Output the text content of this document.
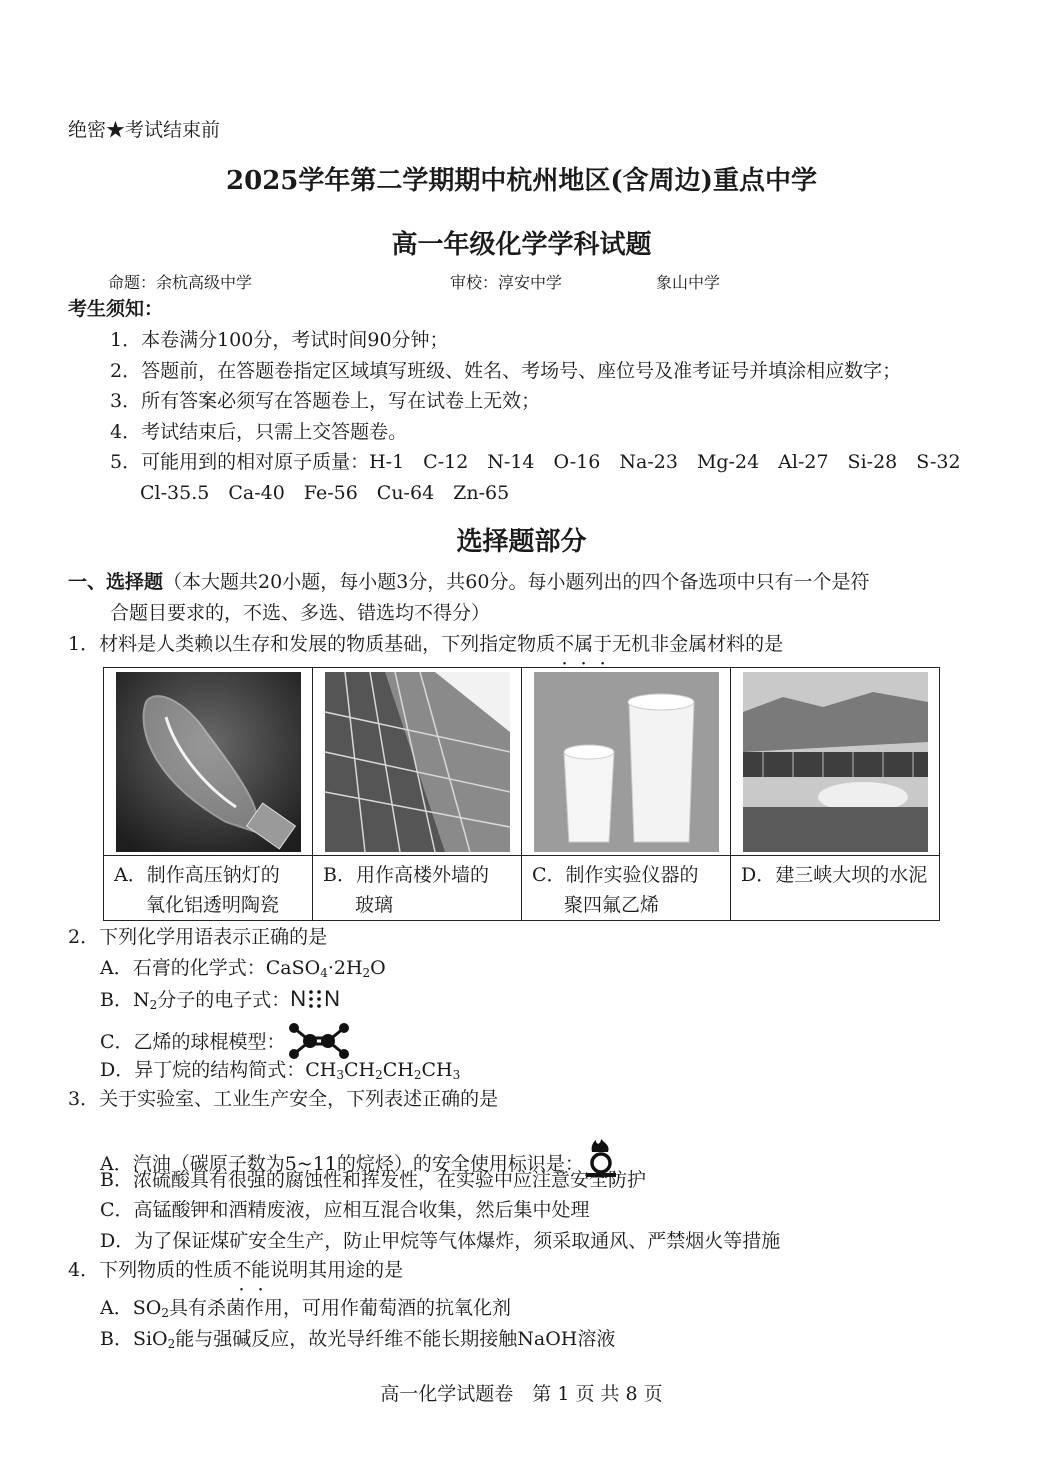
绝密★考试结束前
2025学年第二学期期中杭州地区(含周边)重点中学
高一年级化学学科试题
命题：余杭高级中学	审校：淳安中学	象山中学
考生须知：
1．本卷满分100分，考试时间90分钟；
2．答题前，在答题卷指定区域填写班级、姓名、考场号、座位号及准考证号并填涂相应数字；
3．所有答案必须写在答题卷上，写在试卷上无效；
4．考试结束后，只需上交答题卷。
5．可能用到的相对原子质量：H-1　C-12　N-14　O-16　Na-23　Mg-24　Al-27　Si-28　S-32
Cl-35.5　Ca-40　Fe-56　Cu-64　Zn-65
选择题部分
一、选择题（本大题共20小题，每小题3分，共60分。每小题列出的四个备选项中只有一个是符
合题目要求的，不选、多选、错选均不得分）
1．材料是人类赖以生存和发展的物质基础，下列指定物质不属于无机非金属材料的是

A．制作高压钠灯的
氧化铝透明陶瓷	B．用作高楼外墙的
玻璃	C．制作实验仪器的
聚四氟乙烯	D．建三峡大坝的水泥
2．下列化学用语表示正确的是
A．石膏的化学式：$CaSO_4\cdot 2H_2O$
B．$N_2$分子的电子式：N N
C．乙烯的球棍模型：
D．异丁烷的结构简式：$CH_3CH_2CH_2CH_3$
3．关于实验室、工业生产安全，下列表述正确的是
A．汽油（碳原子数为5~11的烷烃）的安全使用标识是：
B．浓硫酸具有很强的腐蚀性和挥发性，在实验中应注意安全防护
C．高锰酸钾和酒精废液，应相互混合收集，然后集中处理
D．为了保证煤矿安全生产，防止甲烷等气体爆炸，须采取通风、严禁烟火等措施
4．下列物质的性质不能说明其用途的是
A．$SO_2$具有杀菌作用，可用作葡萄酒的抗氧化剂
B．SiO$_2$能与强碱反应，故光导纤维不能长期接触NaOH溶液
高一化学试题卷　第 1 页 共 8 页
